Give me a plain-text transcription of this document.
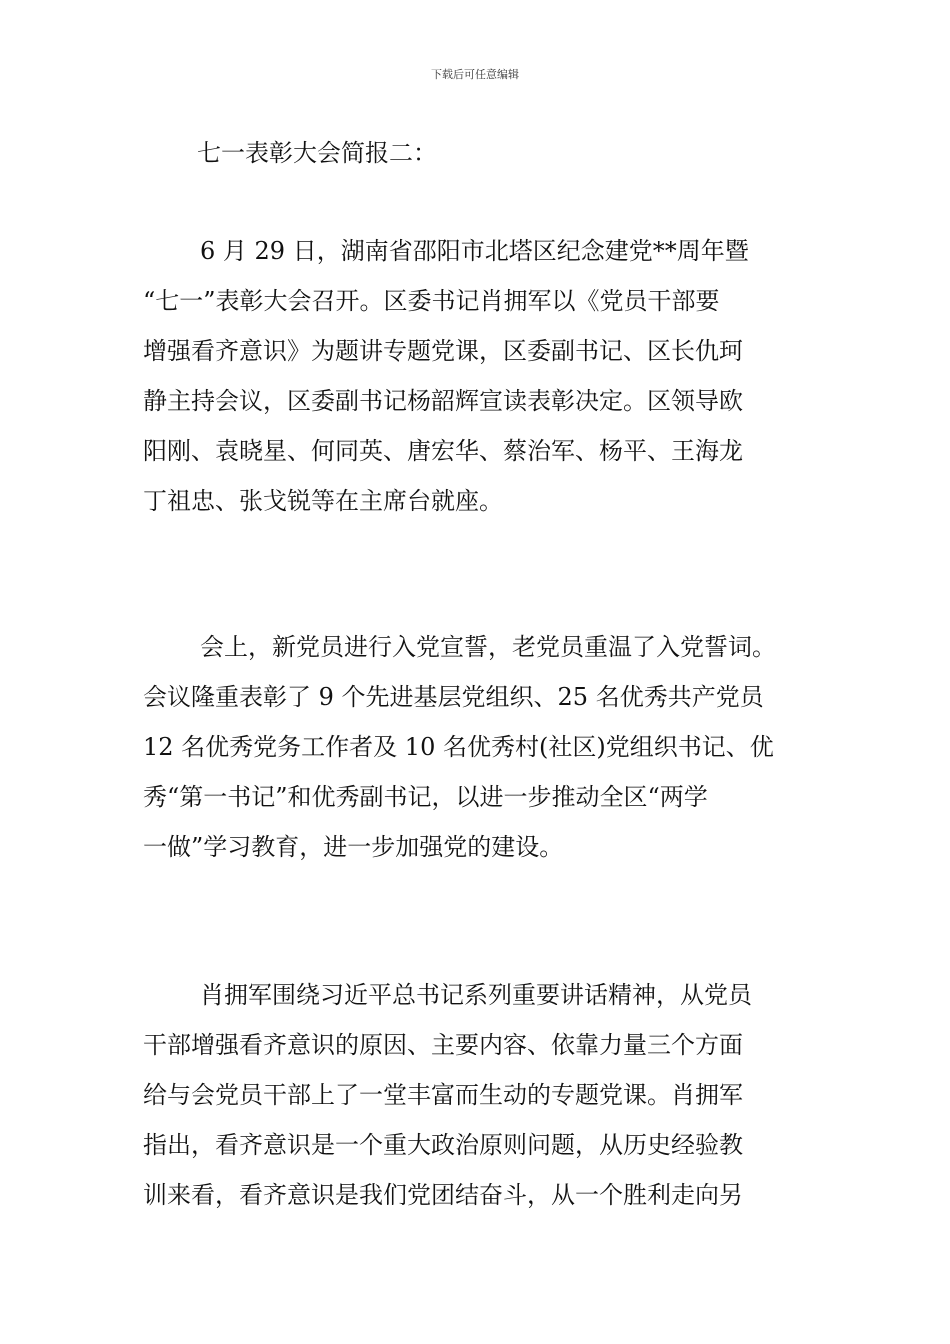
下载后可任意编辑
七一表彰大会简报二：
6 月 29 日，湖南省邵阳市北塔区纪念建党**周年暨
“七一”表彰大会召开。区委书记肖拥军以《党员干部要
增强看齐意识》为题讲专题党课，区委副书记、区长仇珂
静主持会议，区委副书记杨韶辉宣读表彰决定。区领导欧
阳刚、袁晓星、何同英、唐宏华、蔡治军、杨平、王海龙
丁祖忠、张戈锐等在主席台就座。
会上，新党员进行入党宣誓，老党员重温了入党誓词。
会议隆重表彰了 9 个先进基层党组织、25 名优秀共产党员
12 名优秀党务工作者及 10 名优秀村(社区)党组织书记、优
秀“第一书记”和优秀副书记，以进一步推动全区“两学
一做”学习教育，进一步加强党的建设。
肖拥军围绕习近平总书记系列重要讲话精神，从党员
干部增强看齐意识的原因、主要内容、依靠力量三个方面
给与会党员干部上了一堂丰富而生动的专题党课。肖拥军
指出，看齐意识是一个重大政治原则问题，从历史经验教
训来看，看齐意识是我们党团结奋斗，从一个胜利走向另
